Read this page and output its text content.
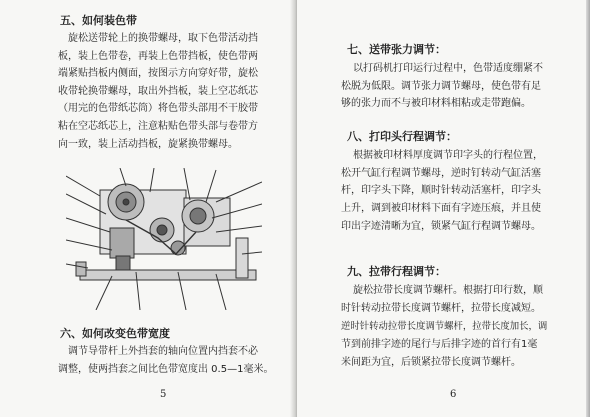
五、如何装色带
旋松送带轮上的换带螺母，取下色带活动挡
板，装上色带卷，再装上色带挡板，使色带两
端紧贴挡板内侧面，按图示方向穿好带，旋松
收带轮换带螺母，取出外挡板，装上空芯纸芯
（用完的色带纸芯筒）将色带头部用不干胶带
粘在空芯纸芯上，注意粘贴色带头部与卷带方
向一致，装上活动挡板，旋紧换带螺母。
六、如何改变色带宽度
调节导带杆上外挡套的轴向位置内挡套不必
调整，使两挡套之间比色带宽度出 0.5—1毫米。
5
七、送带张力调节：
以打码机打印运行过程中，色带适度绷紧不
松脱为低限。调节张力调节螺母，使色带有足
够的张力而不与被印材料相粘或走带跑偏。
八、打印头行程调节：
根据被印材料厚度调节印字头的行程位置，
松开气缸行程调节螺母，逆时钉转动气缸活塞
杆，印字头下降，顺时针转动活塞杆，印字头
上升，调到被印材料下面有字迹压痕，并且使
印出字迹清晰为宜，锁紧气缸行程调节螺母。
九、拉带行程调节：
旋松拉带长度调节螺杆。根据打印行数，顺
时针转动拉带长度调节螺杆，拉带长度减短。
逆时针转动拉带长度调节螺杆，拉带长度加长，调
节到前排字迹的尾行与后排字迹的首行有1毫
米间距为宜，后锁紧拉带长度调节螺杆。
6
